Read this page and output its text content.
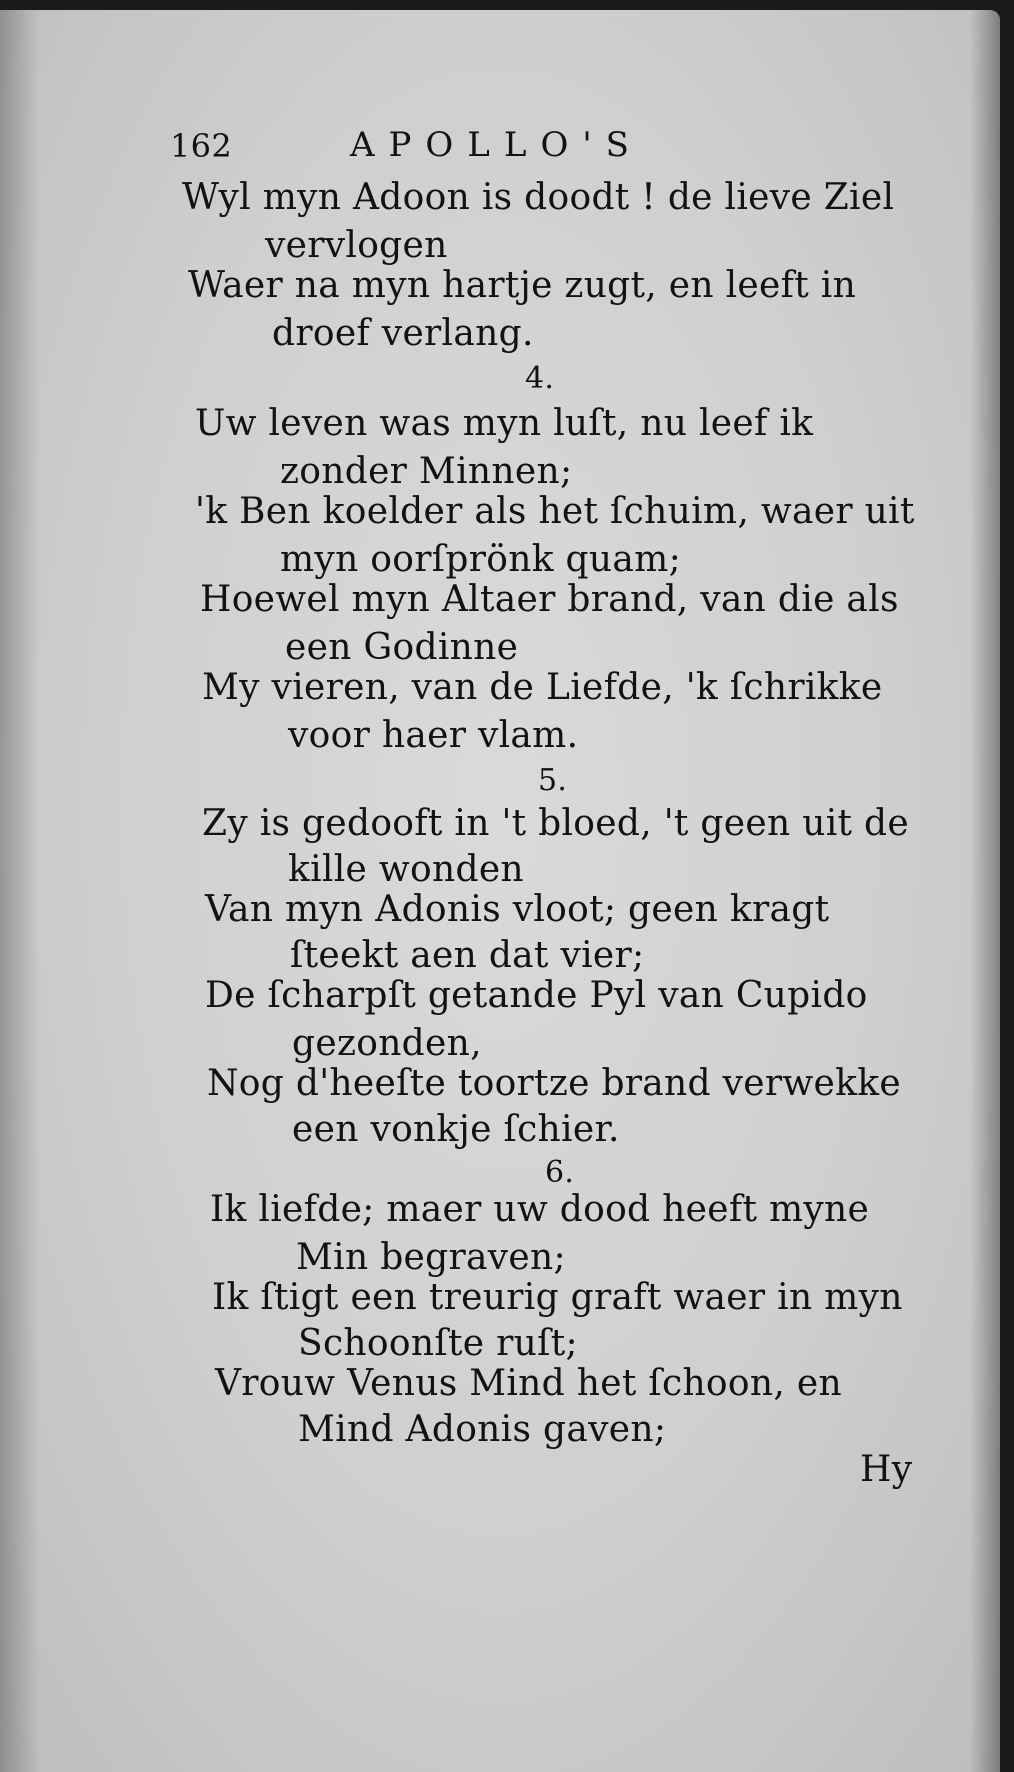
162	APOLLO'S
Wyl myn Adoon is doodt ! de lieve Ziel
vervlogen
Waer na myn hartje zugt, en leeft in
droef verlang.
4.
Uw leven was myn luſt, nu leef ik
zonder Minnen;
'k Ben koelder als het ſchuim, waer uit
myn oorſprönk quam;
Hoewel myn Altaer brand, van die als
een Godinne
My vieren, van de Liefde, 'k ſchrikke
voor haer vlam.
5.
Zy is gedooft in 't bloed, 't geen uit de
kille wonden
Van myn Adonis vloot; geen kragt
ſteekt aen dat vier;
De ſcharpſt getande Pyl van Cupido
gezonden,
Nog d'heeſte toortze brand verwekke
een vonkje ſchier.
6.
Ik liefde; maer uw dood heeft myne
Min begraven;
Ik ſtigt een treurig graft waer in myn
Schoonſte ruſt;
Vrouw Venus Mind het ſchoon, en
Mind Adonis gaven;
Hy
